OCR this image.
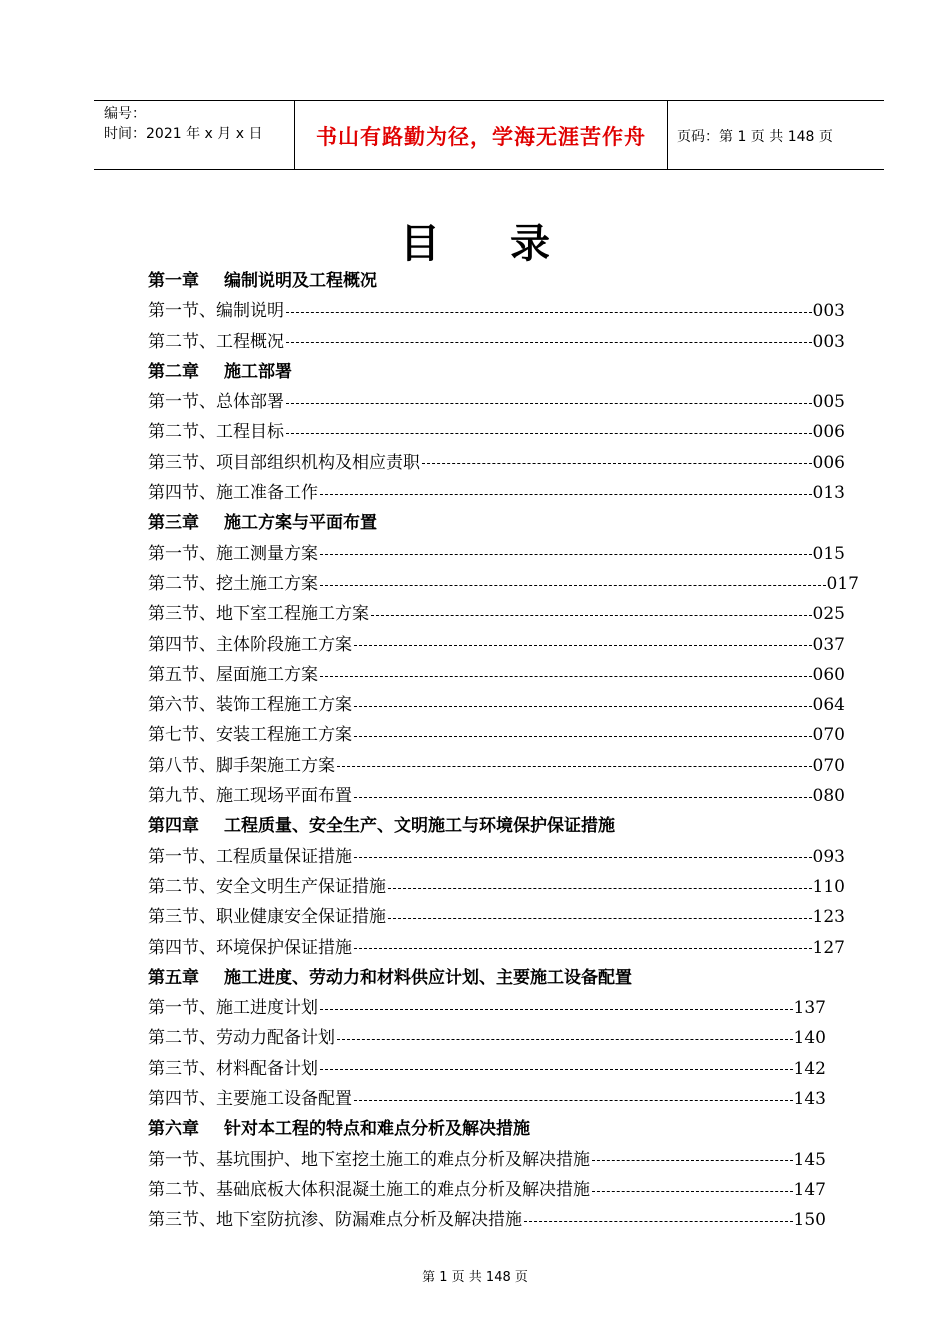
编号：
时间：2021 年 x 月 x 日	书山有路勤为径，学海无涯苦作舟	页码：第 1 页 共 148 页
目录
第一章 编制说明及工程概况
第一节、编制说明	003
第二节、工程概况	003
第二章 施工部署
第一节、总体部署	005
第二节、工程目标	006
第三节、项目部组织机构及相应责职	006
第四节、施工准备工作	013
第三章 施工方案与平面布置
第一节、施工测量方案	015
第二节、挖土施工方案	017
第三节、地下室工程施工方案	025
第四节、主体阶段施工方案	037
第五节、屋面施工方案	060
第六节、装饰工程施工方案	064
第七节、安装工程施工方案	070
第八节、脚手架施工方案	070
第九节、施工现场平面布置	080
第四章 工程质量、安全生产、文明施工与环境保护保证措施
第一节、工程质量保证措施	093
第二节、安全文明生产保证措施	110
第三节、职业健康安全保证措施	123
第四节、环境保护保证措施	127
第五章 施工进度、劳动力和材料供应计划、主要施工设备配置
第一节、施工进度计划	137
第二节、劳动力配备计划	140
第三节、材料配备计划	142
第四节、主要施工设备配置	143
第六章 针对本工程的特点和难点分析及解决措施
第一节、基坑围护、地下室挖土施工的难点分析及解决措施	145
第二节、基础底板大体积混凝土施工的难点分析及解决措施	147
第三节、地下室防抗渗、防漏难点分析及解决措施	150
第 1 页 共 148 页
